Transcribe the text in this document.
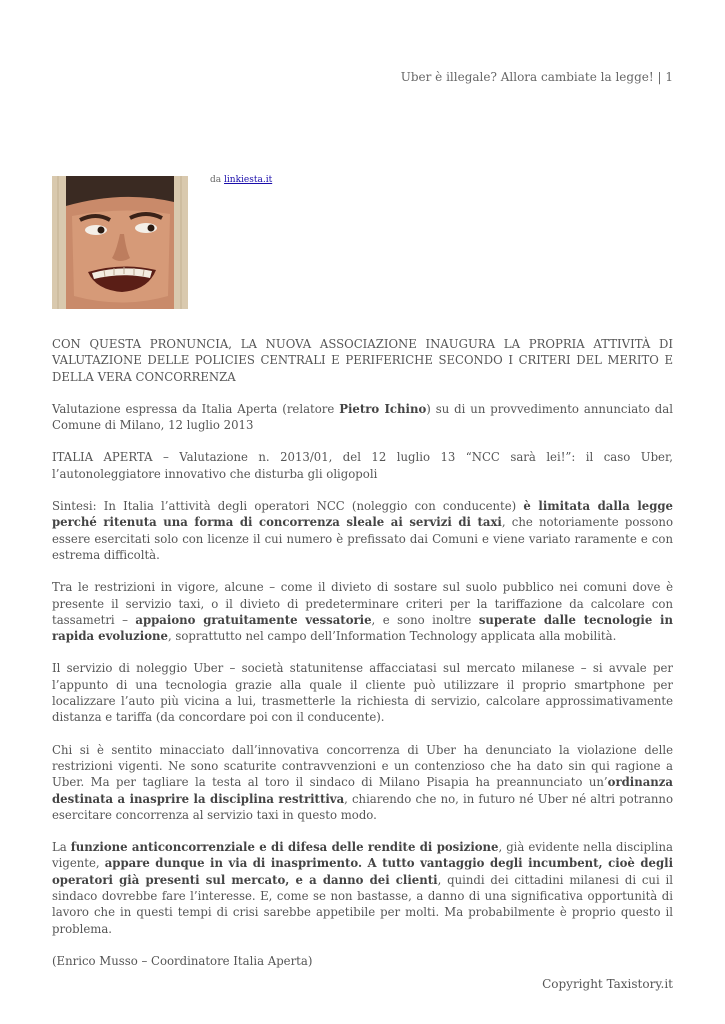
Uber è illegale? Allora cambiate la legge! | 1
da linkiesta.it

CON QUESTA PRONUNCIA, LA NUOVA ASSOCIAZIONE INAUGURA LA PROPRIA ATTIVITÀ DI VALUTAZIONE DELLE POLICIES CENTRALI E PERIFERICHE SECONDO I CRITERI DEL MERITO E DELLA VERA CONCORRENZA

Valutazione espressa da Italia Aperta (relatore Pietro Ichino) su di un provvedimento annunciato dal Comune di Milano, 12 luglio 2013

ITALIA APERTA – Valutazione n. 2013/01, del 12 luglio 13 “NCC sarà lei!”: il caso Uber, l’autonoleggiatore innovativo che disturba gli oligopoli

Sintesi: In Italia l’attività degli operatori NCC (noleggio con conducente) è limitata dalla legge perché ritenuta una forma di concorrenza sleale ai servizi di taxi, che notoriamente possono essere esercitati solo con licenze il cui numero è prefissato dai Comuni e viene variato raramente e con estrema difficoltà.

Tra le restrizioni in vigore, alcune – come il divieto di sostare sul suolo pubblico nei comuni dove è presente il servizio taxi, o il divieto di predeterminare criteri per la tariffazione da calcolare con tassametri – appaiono gratuitamente vessatorie, e sono inoltre superate dalle tecnologie in rapida evoluzione, soprattutto nel campo dell’Information Technology applicata alla mobilità.

Il servizio di noleggio Uber – società statunitense affacciatasi sul mercato milanese – si avvale per l’appunto di una tecnologia grazie alla quale il cliente può utilizzare il proprio smartphone per localizzare l’auto più vicina a lui, trasmetterle la richiesta di servizio, calcolare approssimativamente distanza e tariffa (da concordare poi con il conducente).

Chi si è sentito minacciato dall’innovativa concorrenza di Uber ha denunciato la violazione delle restrizioni vigenti. Ne sono scaturite contravvenzioni e un contenzioso che ha dato sin qui ragione a Uber. Ma per tagliare la testa al toro il sindaco di Milano Pisapia ha preannunciato un’ordinanza destinata a inasprire la disciplina restrittiva, chiarendo che no, in futuro né Uber né altri potranno esercitare concorrenza al servizio taxi in questo modo.

La funzione anticoncorrenziale e di difesa delle rendite di posizione, già evidente nella disciplina vigente, appare dunque in via di inasprimento. A tutto vantaggio degli incumbent, cioè degli operatori già presenti sul mercato, e a danno dei clienti, quindi dei cittadini milanesi di cui il sindaco dovrebbe fare l’interesse. E, come se non bastasse, a danno di una significativa opportunità di lavoro che in questi tempi di crisi sarebbe appetibile per molti. Ma probabilmente è proprio questo il problema.

(Enrico Musso – Coordinatore Italia Aperta)

Copyright Taxistory.it
